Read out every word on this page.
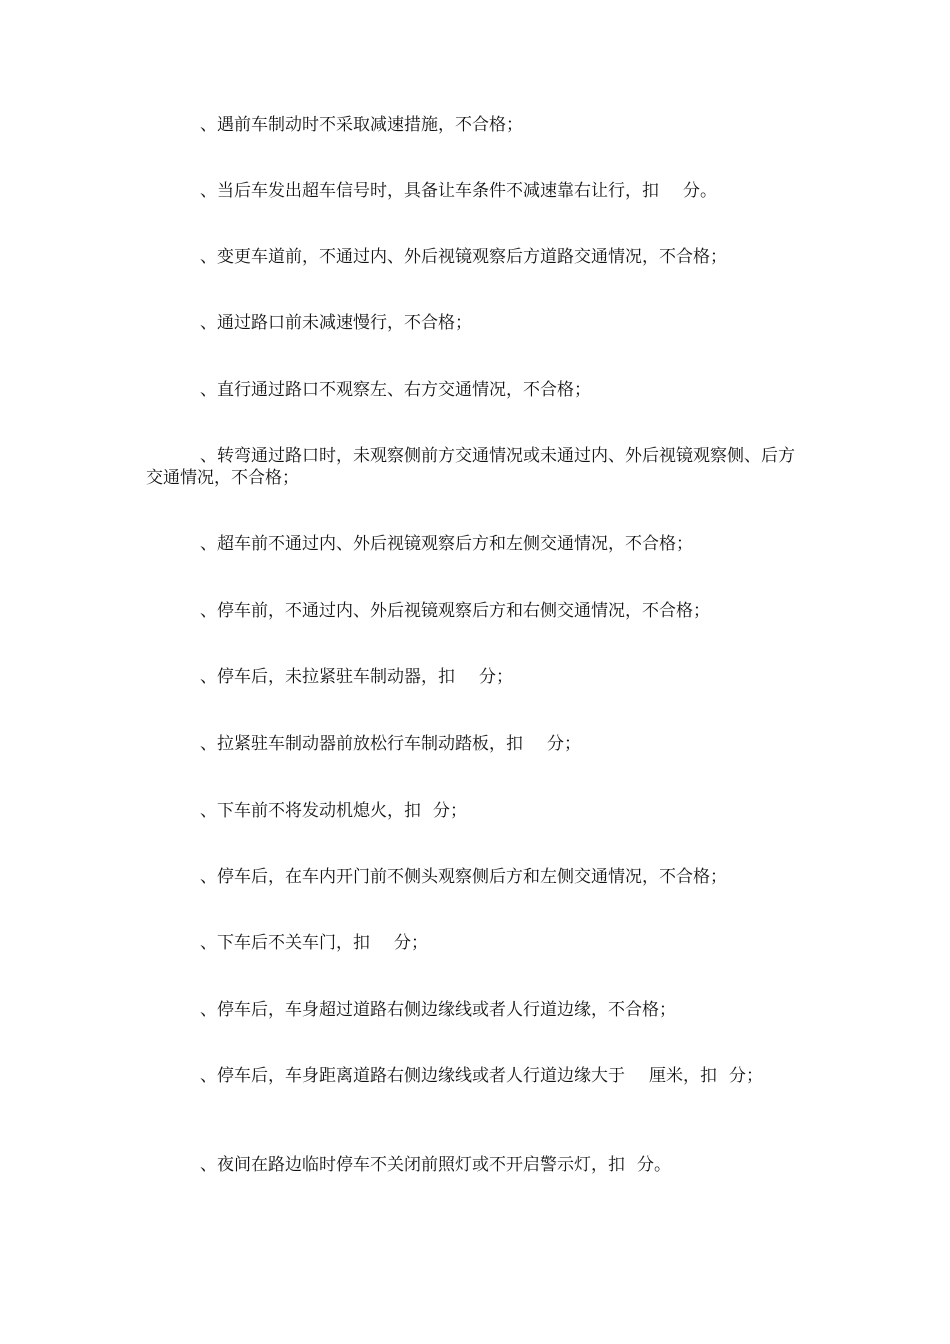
、遇前车制动时不采取减速措施，不合格；

、当后车发出超车信号时，具备让车条件不减速靠右让行，扣 分。

、变更车道前，不通过内、外后视镜观察后方道路交通情况，不合格；

、通过路口前未减速慢行，不合格；

、直行通过路口不观察左、右方交通情况，不合格；

、转弯通过路口时，未观察侧前方交通情况或未通过内、外后视镜观察侧、后方交通情况，不合格；

、超车前不通过内、外后视镜观察后方和左侧交通情况，不合格；

、停车前，不通过内、外后视镜观察后方和右侧交通情况，不合格；

、停车后，未拉紧驻车制动器，扣 分；

、拉紧驻车制动器前放松行车制动踏板，扣 分；

、下车前不将发动机熄火，扣 分；

、停车后，在车内开门前不侧头观察侧后方和左侧交通情况，不合格；

、下车后不关车门，扣 分；

、停车后，车身超过道路右侧边缘线或者人行道边缘，不合格；

、停车后，车身距离道路右侧边缘线或者人行道边缘大于 厘米，扣 分；

、夜间在路边临时停车不关闭前照灯或不开启警示灯，扣 分。
